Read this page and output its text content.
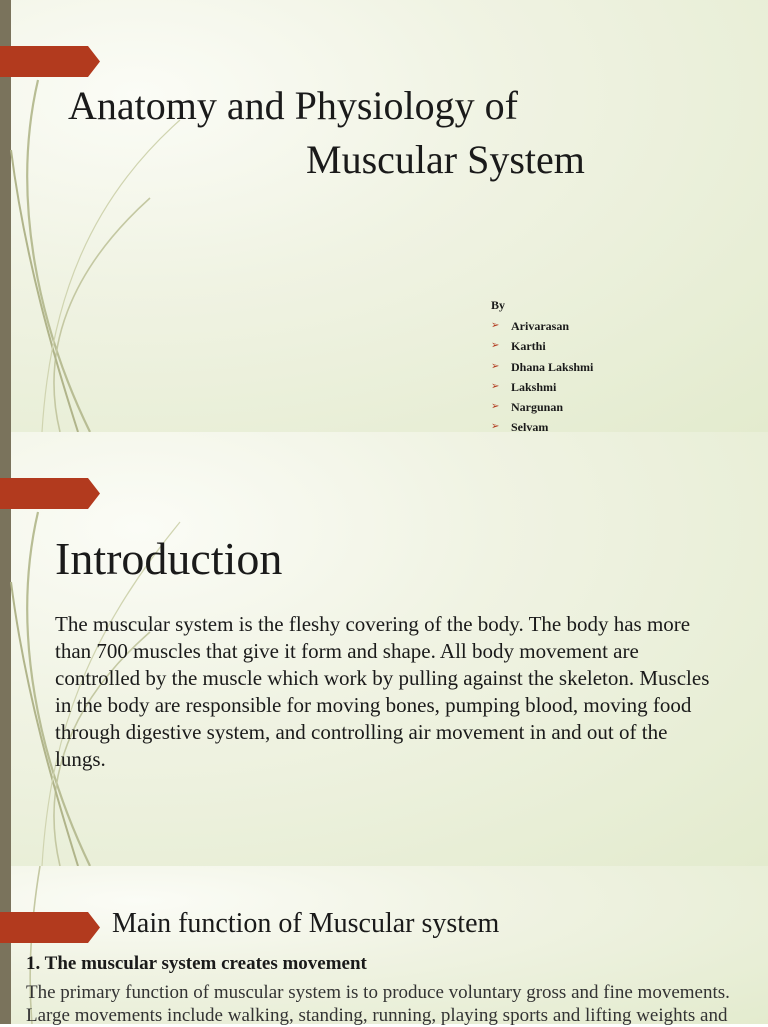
Anatomy and Physiology of
Muscular System
By
➢ Arivarasan
➢ Karthi
➢ Dhana Lakshmi
➢ Lakshmi
➢ Nargunan
➢ Selvam
Introduction
The muscular system is the fleshy covering of the body. The body has more than 700 muscles that give it form and shape. All body movement are controlled by the muscle which work by pulling against the skeleton. Muscles in the body are responsible for moving bones, pumping blood, moving food through digestive system, and controlling air movement in and out of the lungs.
Main function of Muscular system
1. The muscular system creates movement
The primary function of muscular system is to produce voluntary gross and fine movements. Large movements include walking, standing, running, playing sports and lifting weights and
